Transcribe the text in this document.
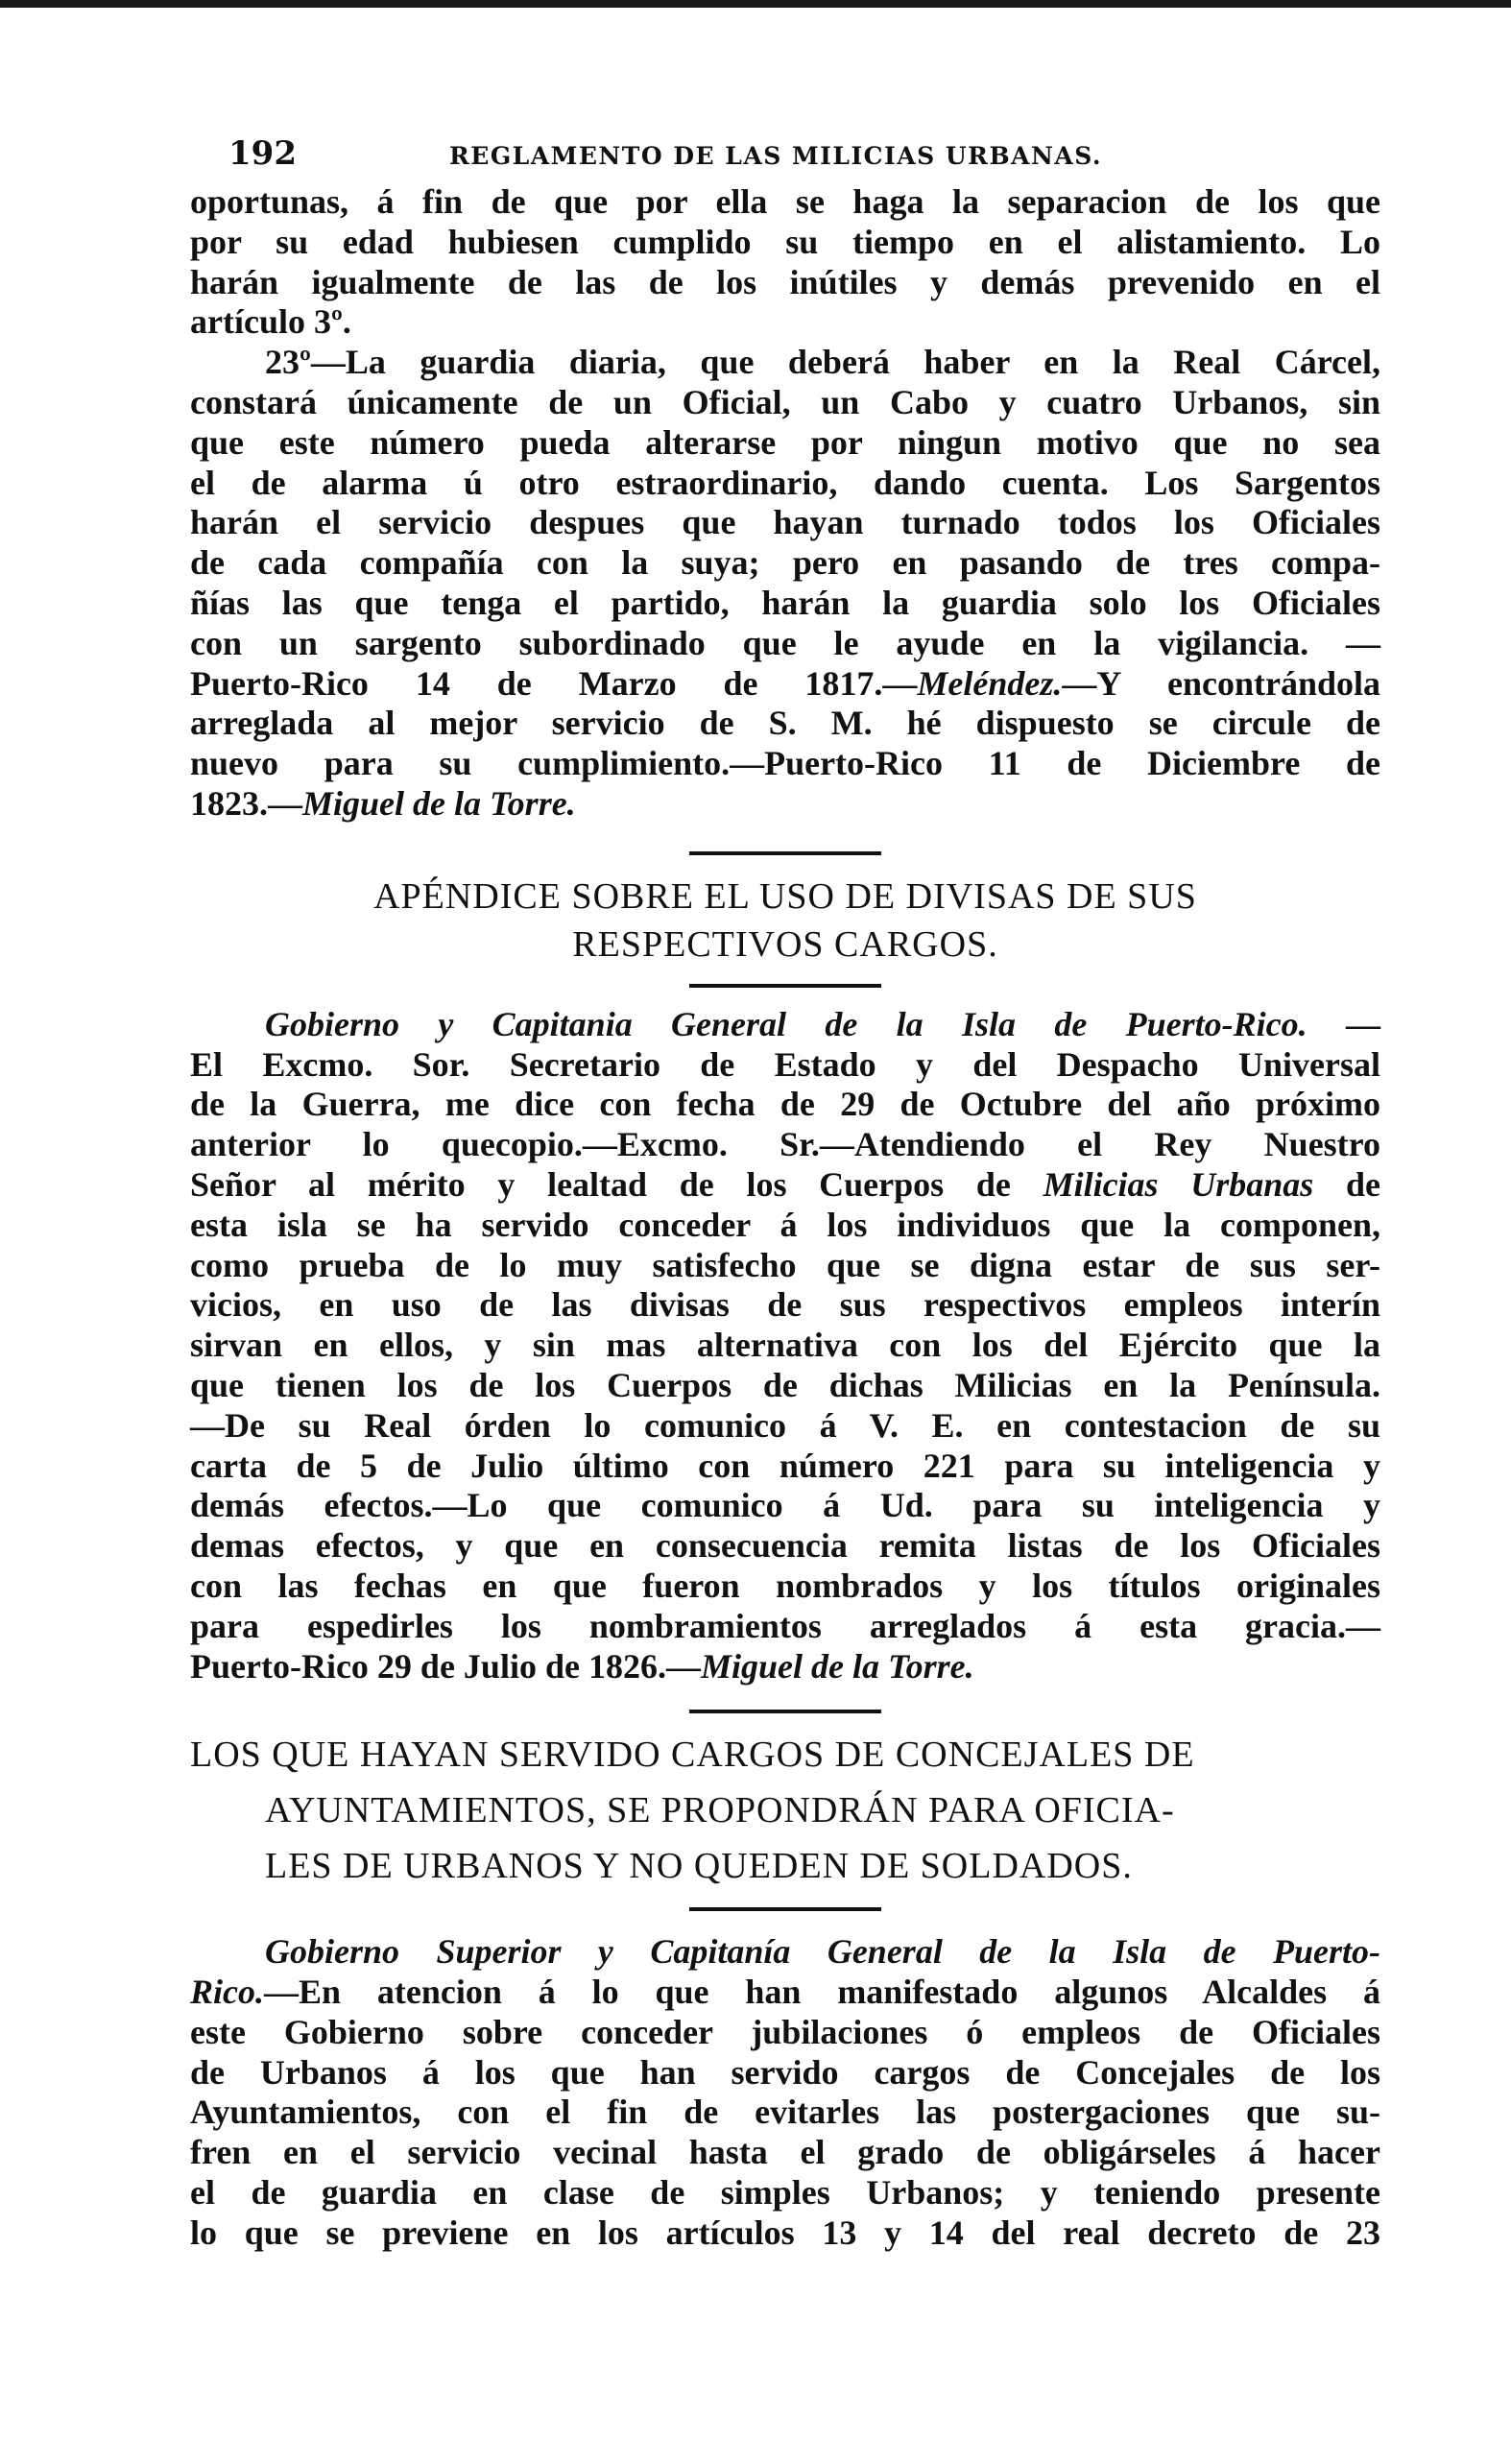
192	REGLAMENTO DE LAS MILICIAS URBANAS.
oportunas, á fin de que por ella se haga la separacion de los que
por su edad hubiesen cumplido su tiempo en el alistamiento. Lo
harán igualmente de las de los inútiles y demás prevenido en el
artículo 3º.
23º—La guardia diaria, que deberá haber en la Real Cárcel,
constará únicamente de un Oficial, un Cabo y cuatro Urbanos, sin
que este número pueda alterarse por ningun motivo que no sea
el de alarma ú otro estraordinario, dando cuenta. Los Sargentos
harán el servicio despues que hayan turnado todos los Oficiales
de cada compañía con la suya; pero en pasando de tres compa-
ñías las que tenga el partido, harán la guardia solo los Oficiales
con un sargento subordinado que le ayude en la vigilancia. —
Puerto-Rico 14 de Marzo de 1817.—Meléndez.—Y encontrándola
arreglada al mejor servicio de S. M. hé dispuesto se circule de
nuevo para su cumplimiento.—Puerto-Rico 11 de Diciembre de
1823.—Miguel de la Torre.
APÉNDICE SOBRE EL USO DE DIVISAS DE SUS
RESPECTIVOS CARGOS.
Gobierno y Capitania General de la Isla de Puerto-Rico. —
El Excmo. Sor. Secretario de Estado y del Despacho Universal
de la Guerra, me dice con fecha de 29 de Octubre del año próximo
anterior lo quecopio.—Excmo. Sr.—Atendiendo el Rey Nuestro
Señor al mérito y lealtad de los Cuerpos de Milicias Urbanas de
esta isla se ha servido conceder á los individuos que la componen,
como prueba de lo muy satisfecho que se digna estar de sus ser-
vicios, en uso de las divisas de sus respectivos empleos interín
sirvan en ellos, y sin mas alternativa con los del Ejército que la
que tienen los de los Cuerpos de dichas Milicias en la Península.
—De su Real órden lo comunico á V. E. en contestacion de su
carta de 5 de Julio último con número 221 para su inteligencia y
demás efectos.—Lo que comunico á Ud. para su inteligencia y
demas efectos, y que en consecuencia remita listas de los Oficiales
con las fechas en que fueron nombrados y los títulos originales
para espedirles los nombramientos arreglados á esta gracia.—
Puerto-Rico 29 de Julio de 1826.—Miguel de la Torre.
LOS QUE HAYAN SERVIDO CARGOS DE CONCEJALES DE
AYUNTAMIENTOS, SE PROPONDRÁN PARA OFICIA-
LES DE URBANOS Y NO QUEDEN DE SOLDADOS.
Gobierno Superior y Capitanía General de la Isla de Puerto-
Rico.—En atencion á lo que han manifestado algunos Alcaldes á
este Gobierno sobre conceder jubilaciones ó empleos de Oficiales
de Urbanos á los que han servido cargos de Concejales de los
Ayuntamientos, con el fin de evitarles las postergaciones que su-
fren en el servicio vecinal hasta el grado de obligárseles á hacer
el de guardia en clase de simples Urbanos; y teniendo presente
lo que se previene en los artículos 13 y 14 del real decreto de 23
